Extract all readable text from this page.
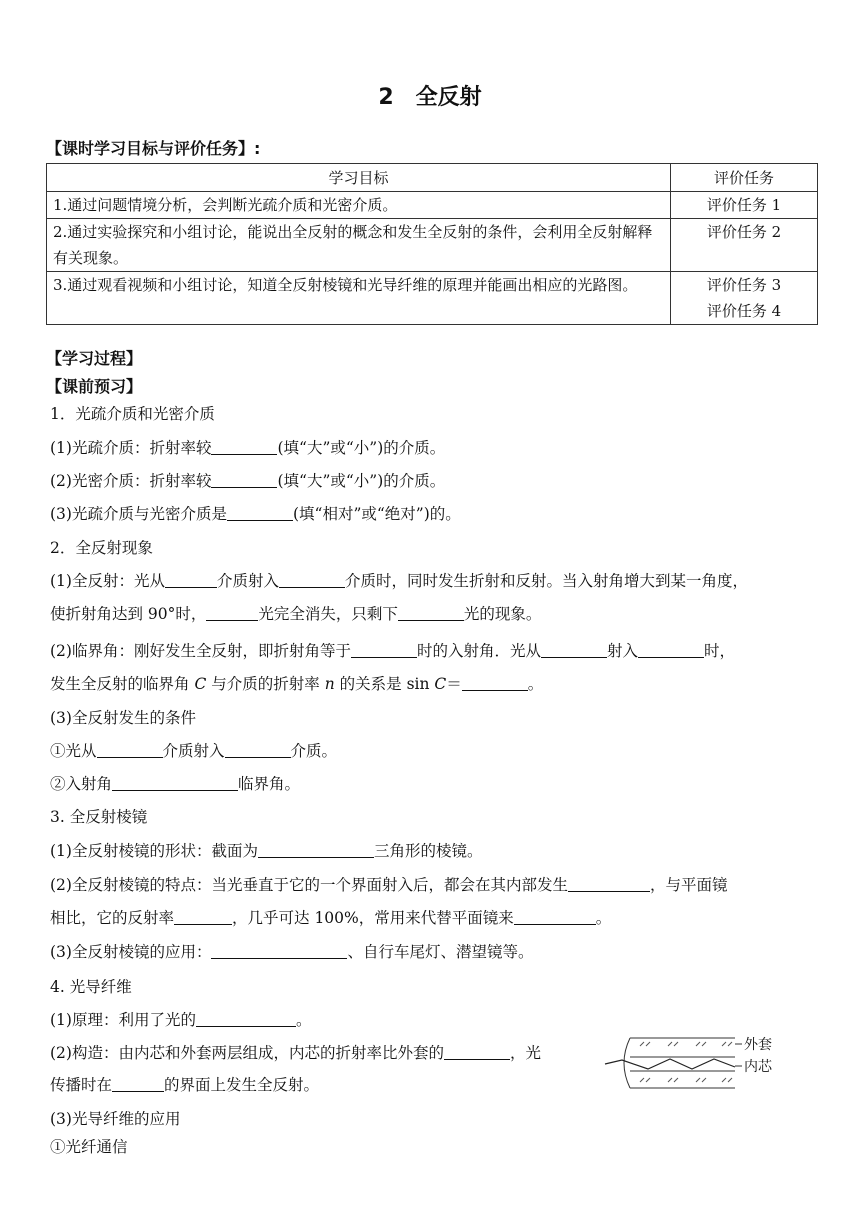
2　全反射
【课时学习目标与评价任务】:
学习目标	评价任务
1.通过问题情境分析，会判断光疏介质和光密介质。	评价任务 1
2.通过实验探究和小组讨论，能说出全反射的概念和发生全反射的条件，会利用全反射解释有关现象。	评价任务 2
3.通过观看视频和小组讨论，知道全反射棱镜和光导纤维的原理并能画出相应的光路图。	评价任务 3
评价任务 4
【学习过程】
【课前预习】
1．光疏介质和光密介质
(1)光疏介质：折射率较	(填“大”或“小”)的介质。
(2)光密介质：折射率较	(填“大”或“小”)的介质。
(3)光疏介质与光密介质是	(填“相对”或“绝对”)的。
2．全反射现象
(1)全反射：光从	介质射入	介质时，同时发生折射和反射。当入射角增大到某一角度，
使折射角达到 90°时，	光完全消失，只剩下	光的现象。
(2)临界角：刚好发生全反射，即折射角等于	时的入射角．光从	射入	时，
发生全反射的临界角 C 与介质的折射率 n 的关系是 sin C＝	。
(3)全反射发生的条件
①光从	介质射入	介质。
②入射角	临界角。
3. 全反射棱镜
(1)全反射棱镜的形状：截面为	三角形的棱镜。
(2)全反射棱镜的特点：当光垂直于它的一个界面射入后，都会在其内部发生	，与平面镜
相比，它的反射率	，几乎可达 100%，常用来代替平面镜来	。
(3)全反射棱镜的应用：	、自行车尾灯、潜望镜等。
4. 光导纤维
(1)原理：利用了光的	。
(2)构造：由内芯和外套两层组成，内芯的折射率比外套的	，光
传播时在	的界面上发生全反射。
(3)光导纤维的应用
①光纤通信
外套
内芯
